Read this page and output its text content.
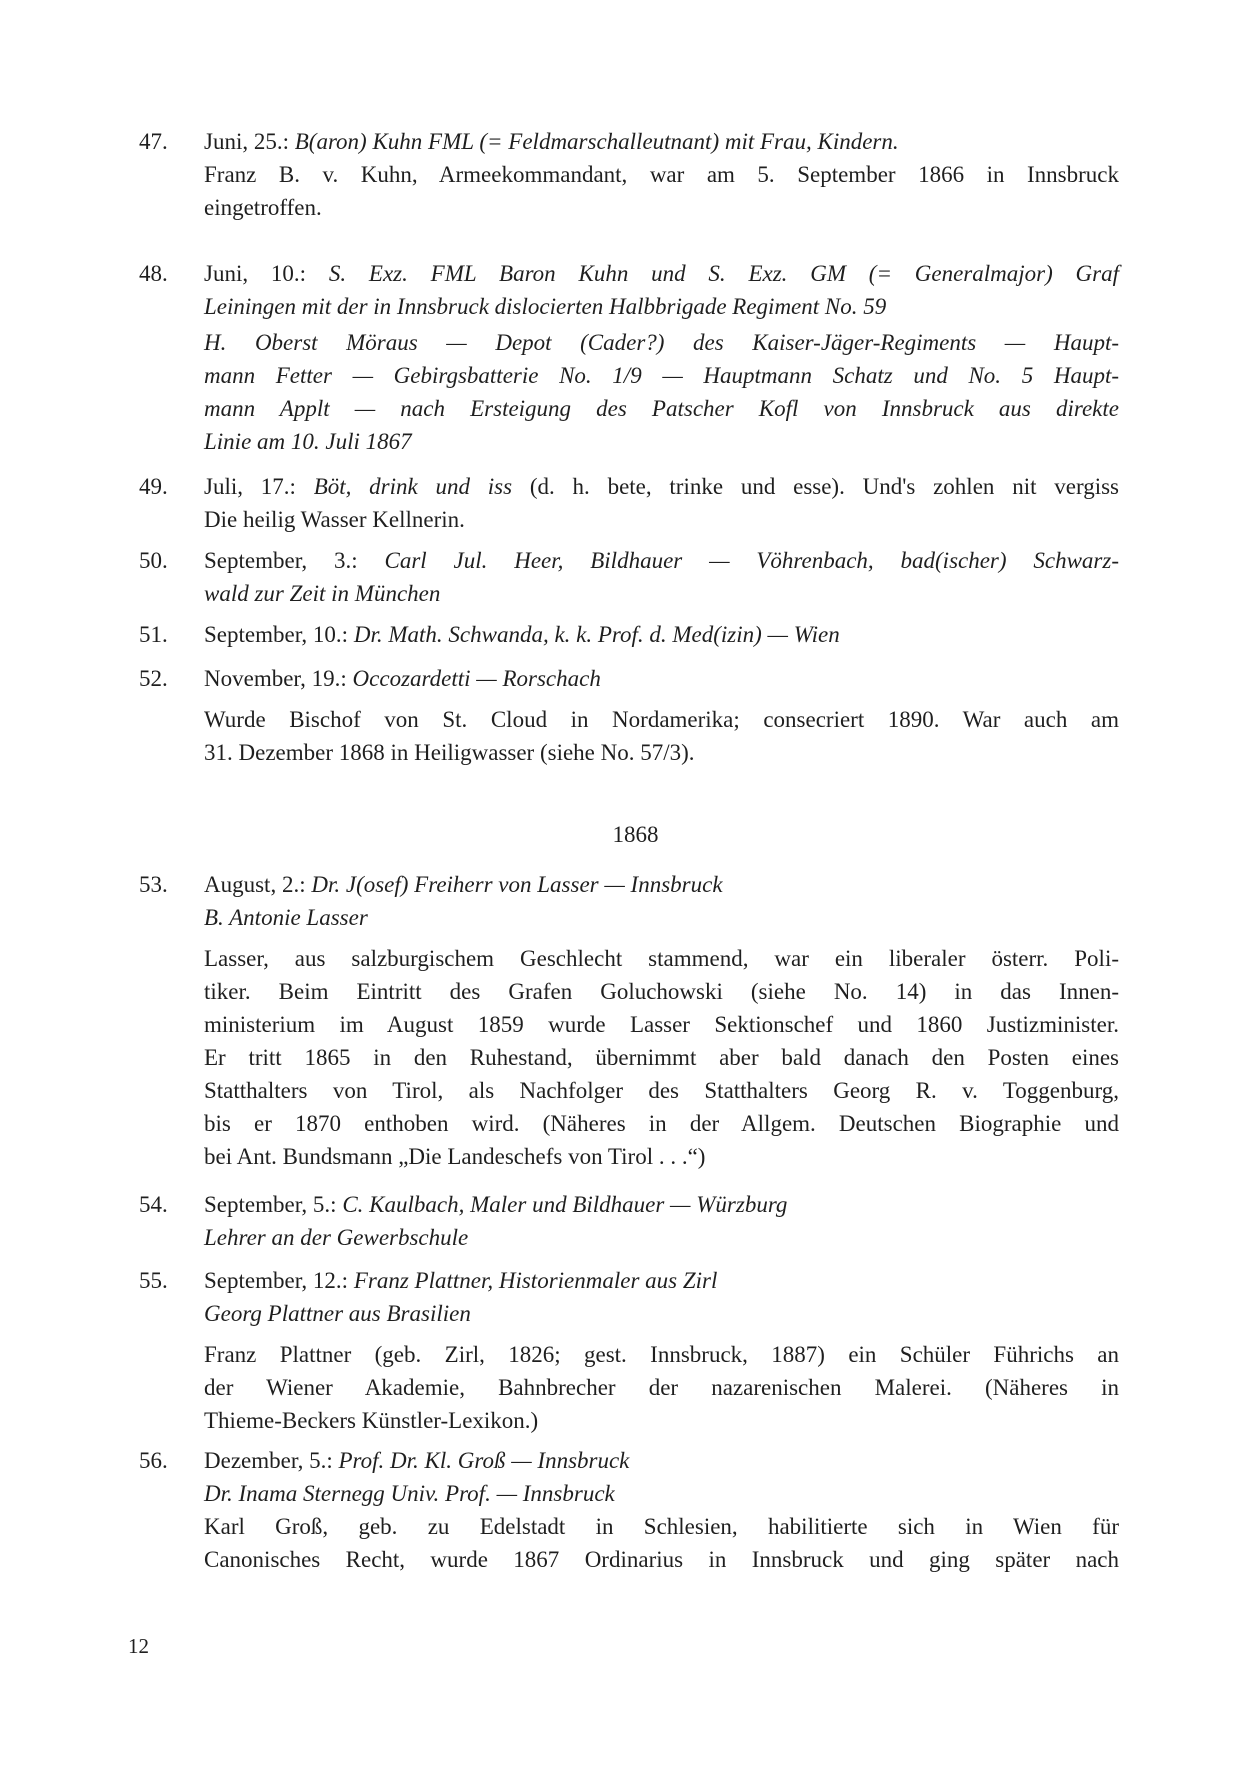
47. Juni, 25.: B(aron) Kuhn FML (= Feldmarschalleutnant) mit Frau, Kindern.
Franz B. v. Kuhn, Armeekommandant, war am 5. September 1866 in Innsbruck
eingetroffen.
48. Juni, 10.: S. Exz. FML Baron Kuhn und S. Exz. GM (= Generalmajor) Graf
Leiningen mit der in Innsbruck dislocierten Halbbrigade Regiment No. 59
H. Oberst Möraus — Depot (Cader?) des Kaiser-Jäger-Regiments — Haupt-
mann Fetter — Gebirgsbatterie No. 1/9 — Hauptmann Schatz und No. 5 Haupt-
mann Applt — nach Ersteigung des Patscher Kofl von Innsbruck aus direkte
Linie am 10. Juli 1867
49. Juli, 17.: Böt, drink und iss (d. h. bete, trinke und esse). Und's zohlen nit vergiss
Die heilig Wasser Kellnerin.
50. September, 3.: Carl Jul. Heer, Bildhauer — Vöhrenbach, bad(ischer) Schwarz-
wald zur Zeit in München
51. September, 10.: Dr. Math. Schwanda, k. k. Prof. d. Med(izin) — Wien
52. November, 19.: Occozardetti — Rorschach
Wurde Bischof von St. Cloud in Nordamerika; consecriert 1890. War auch am
31. Dezember 1868 in Heiligwasser (siehe No. 57/3).
1868
53. August, 2.: Dr. J(osef) Freiherr von Lasser — Innsbruck
B. Antonie Lasser
Lasser, aus salzburgischem Geschlecht stammend, war ein liberaler österr. Poli-
tiker. Beim Eintritt des Grafen Goluchowski (siehe No. 14) in das Innen-
ministerium im August 1859 wurde Lasser Sektionschef und 1860 Justizminister.
Er tritt 1865 in den Ruhestand, übernimmt aber bald danach den Posten eines
Statthalters von Tirol, als Nachfolger des Statthalters Georg R. v. Toggenburg,
bis er 1870 enthoben wird. (Näheres in der Allgem. Deutschen Biographie und
bei Ant. Bundsmann „Die Landeschefs von Tirol . . .“)
54. September, 5.: C. Kaulbach, Maler und Bildhauer — Würzburg
Lehrer an der Gewerbschule
55. September, 12.: Franz Plattner, Historienmaler aus Zirl
Georg Plattner aus Brasilien
Franz Plattner (geb. Zirl, 1826; gest. Innsbruck, 1887) ein Schüler Führichs an
der Wiener Akademie, Bahnbrecher der nazarenischen Malerei. (Näheres in
Thieme-Beckers Künstler-Lexikon.)
56. Dezember, 5.: Prof. Dr. Kl. Groß — Innsbruck
Dr. Inama Sternegg Univ. Prof. — Innsbruck
Karl Groß, geb. zu Edelstadt in Schlesien, habilitierte sich in Wien für
Canonisches Recht, wurde 1867 Ordinarius in Innsbruck und ging später nach
12
